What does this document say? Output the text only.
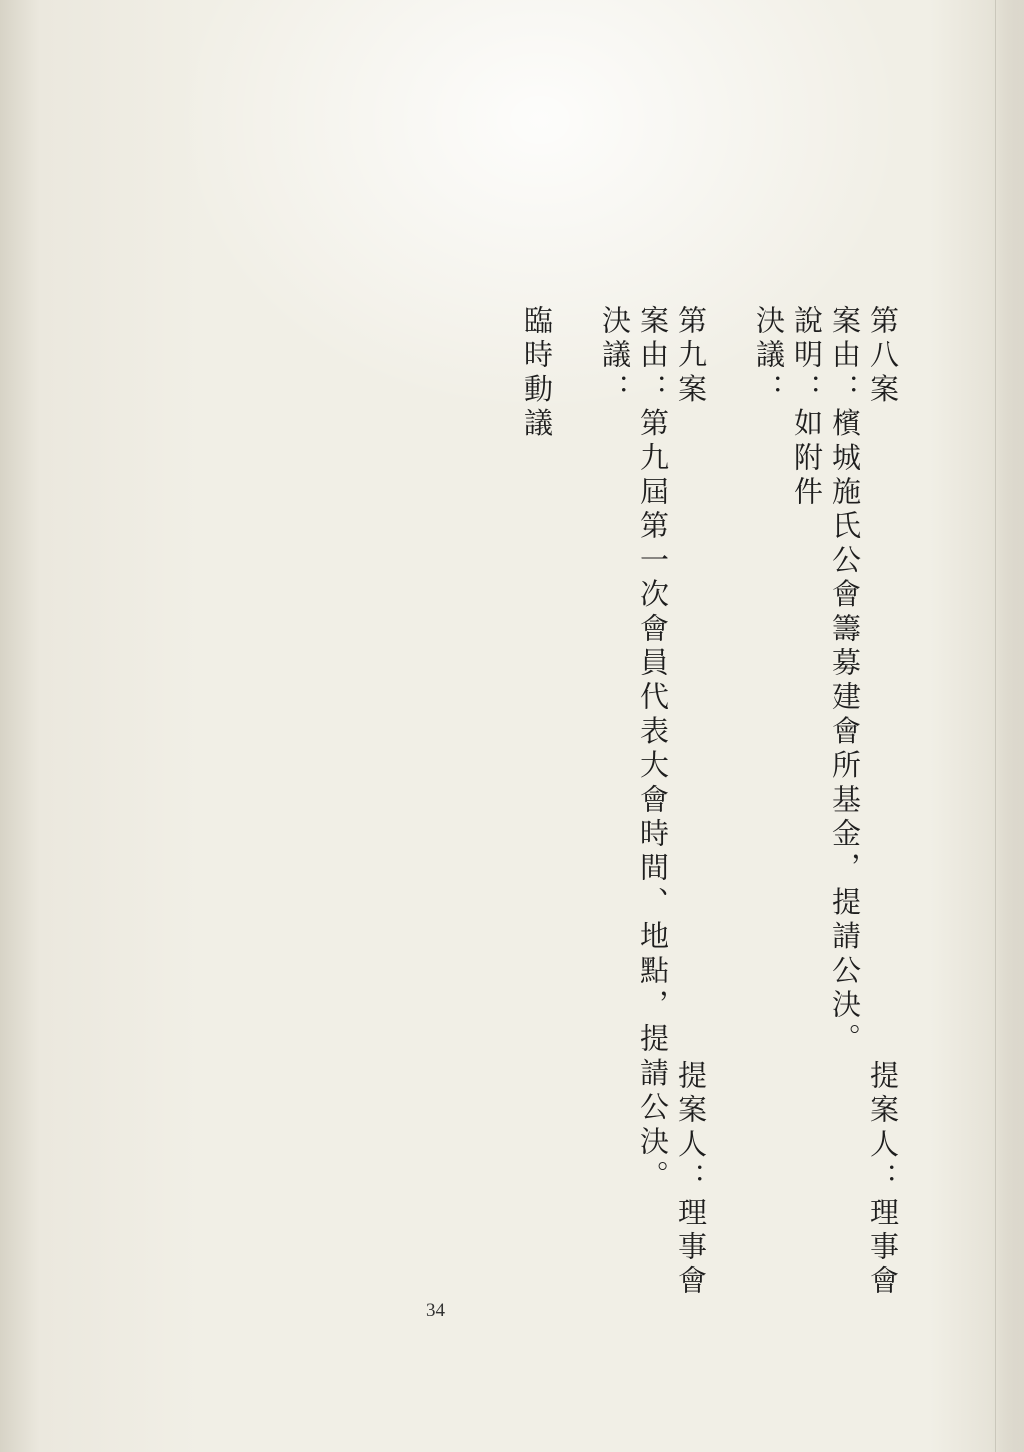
第八案
案由：檳城施氏公會籌募建會所基金，提請公決。
說明：如附件
決議：
第九案
案由：第九屆第一次會員代表大會時間、地點，提請公決。
決議：
臨時動議
提案人：理事會
提案人：理事會
34
